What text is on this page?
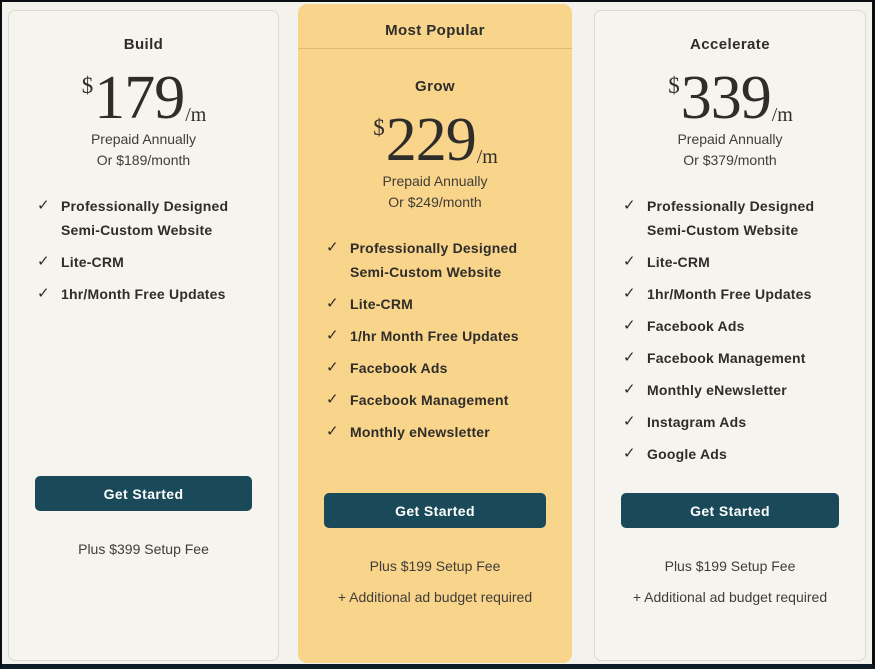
Build
$ 179 /m
Prepaid Annually
Or $189/month
✓ Professionally Designed Semi-Custom Website
✓ Lite-CRM
✓ 1hr/Month Free Updates
Get Started
Plus $399 Setup Fee
Most Popular
Grow
$ 229 /m
Prepaid Annually
Or $249/month
✓ Professionally Designed Semi-Custom Website
✓ Lite-CRM
✓ 1/hr Month Free Updates
✓ Facebook Ads
✓ Facebook Management
✓ Monthly eNewsletter
Get Started
Plus $199 Setup Fee
+ Additional ad budget required
Accelerate
$ 339 /m
Prepaid Annually
Or $379/month
✓ Professionally Designed Semi-Custom Website
✓ Lite-CRM
✓ 1hr/Month Free Updates
✓ Facebook Ads
✓ Facebook Management
✓ Monthly eNewsletter
✓ Instagram Ads
✓ Google Ads
Get Started
Plus $199 Setup Fee
+ Additional ad budget required
